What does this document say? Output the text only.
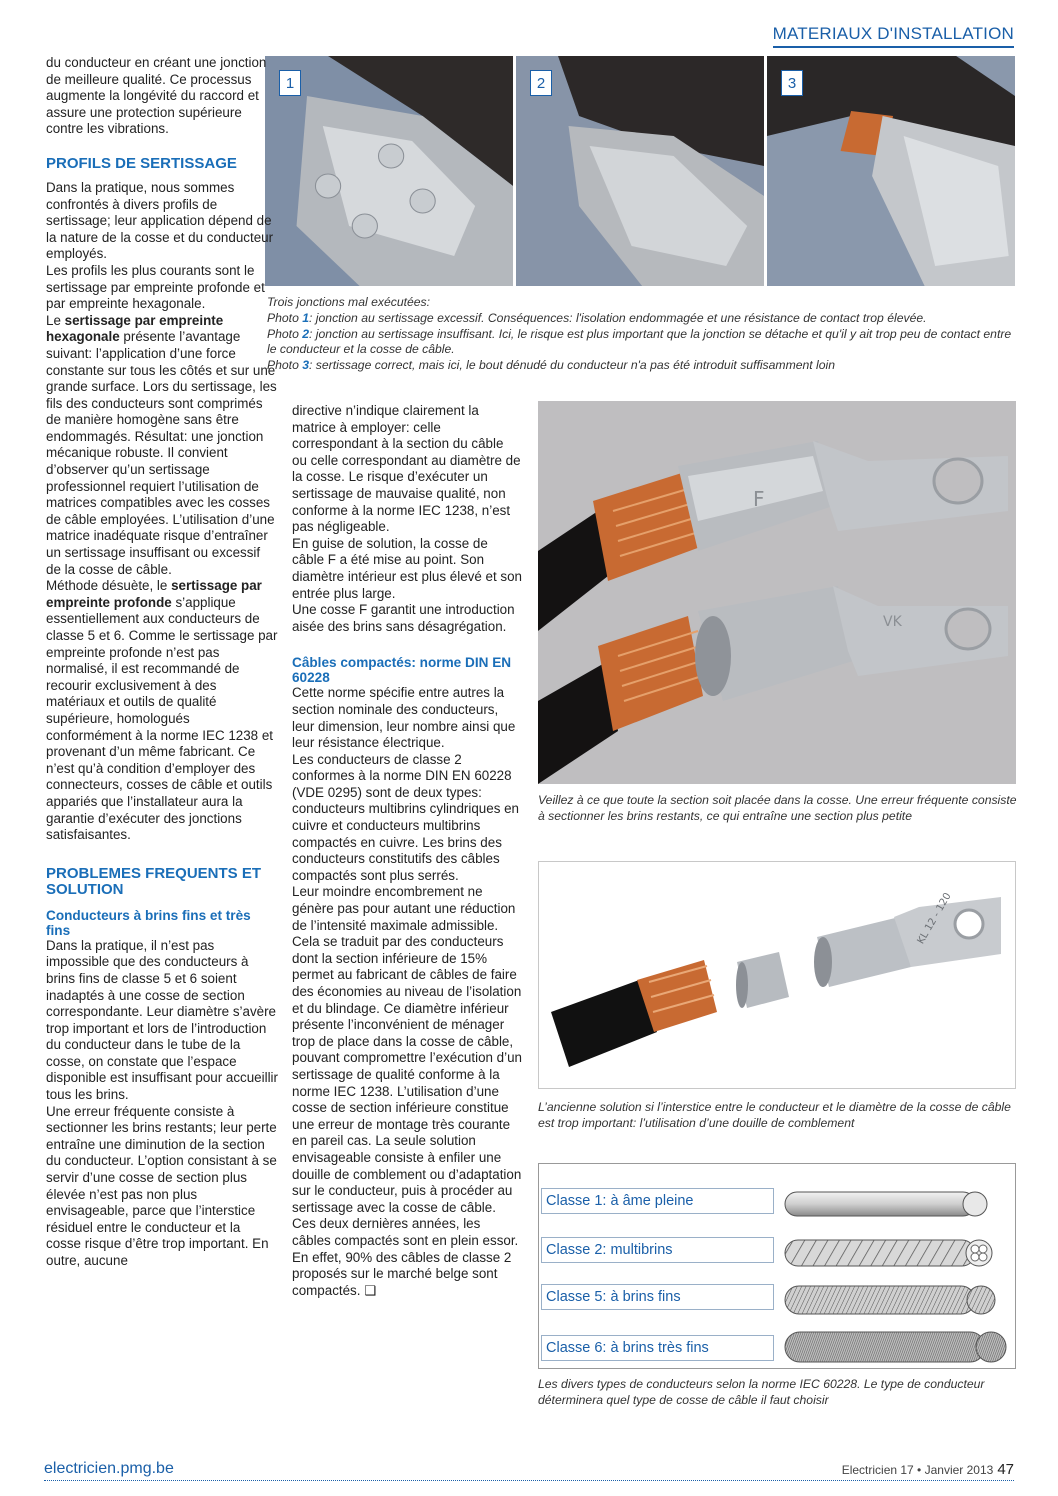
MATERIAUX D'INSTALLATION
1	2	3
Trois jonctions mal exécutées:
Photo 1: jonction au sertissage excessif. Conséquences: l'isolation endommagée et une résistance de contact trop élevée.
Photo 2: jonction au sertissage insuffisant. Ici, le risque est plus important que la jonction se détache et qu'il y ait trop peu de contact entre le conducteur et la cosse de câble.
Photo 3: sertissage correct, mais ici, le bout dénudé du conducteur n'a pas été introduit suffisamment loin

du conducteur en créant une jonction de meilleure qualité. Ce processus augmente la longévité du raccord et assure une protection supérieure contre les vibrations.

PROFILS DE SERTISSAGE

Dans la pratique, nous sommes confrontés à divers profils de sertissage; leur application dépend de la nature de la cosse et du conducteur employés.

Les profils les plus courants sont le sertissage par empreinte profonde et par empreinte hexagonale.

Le sertissage par empreinte hexagonale présente l’avantage suivant: l’application d’une force constante sur tous les côtés et sur une grande surface. Lors du sertissage, les fils des conducteurs sont comprimés de manière homogène sans être endommagés. Résultat: une jonction mécanique robuste. Il convient d’observer qu’un sertissage professionnel requiert l’utilisation de matrices compatibles avec les cosses de câble employées. L’utilisation d’une matrice inadéquate risque d’entraîner un sertissage insuffisant ou excessif de la cosse de câble.

Méthode désuète, le sertissage par empreinte profonde s’applique essentiellement aux conducteurs de classe 5 et 6. Comme le sertissage par empreinte profonde n’est pas normalisé, il est recommandé de recourir exclusivement à des matériaux et outils de qualité supérieure, homologués conformément à la norme IEC 1238 et provenant d’un même fabricant. Ce n’est qu’à condition d’employer des connecteurs, cosses de câble et outils appariés que l’installateur aura la garantie d’exécuter des jonctions satisfaisantes.

PROBLEMES FREQUENTS ET SOLUTION
Conducteurs à brins fins et très fins

Dans la pratique, il n’est pas impossible que des conducteurs à brins fins de classe 5 et 6 soient inadaptés à une cosse de section correspondante. Leur diamètre s’avère trop important et lors de l’introduction du conducteur dans le tube de la cosse, on constate que l’espace disponible est insuffisant pour accueillir tous les brins.

Une erreur fréquente consiste à sectionner les brins restants; leur perte entraîne une diminution de la section du conducteur. L’option consistant à se servir d’une cosse de section plus élevée n’est pas non plus envisageable, parce que l’interstice résiduel entre le conducteur et la cosse risque d’être trop important. En outre, aucune

directive n’indique clairement la matrice à employer: celle correspondant à la section du câble ou celle correspondant au diamètre de la cosse. Le risque d’exécuter un sertissage de mauvaise qualité, non conforme à la norme IEC 1238, n’est pas négligeable.

En guise de solution, la cosse de câble F a été mise au point. Son diamètre intérieur est plus élevé et son entrée plus large.

Une cosse F garantit une introduction aisée des brins sans désagrégation.

Câbles compactés: norme DIN EN 60228

Cette norme spécifie entre autres la section nominale des conducteurs, leur dimension, leur nombre ainsi que leur résistance électrique.

Les conducteurs de classe 2 conformes à la norme DIN EN 60228 (VDE 0295) sont de deux types: conducteurs multibrins cylindriques en cuivre et conducteurs multibrins compactés en cuivre. Les brins des conducteurs constitutifs des câbles compactés sont plus serrés.

Leur moindre encombrement ne génère pas pour autant une réduction de l’intensité maximale admissible. Cela se traduit par des conducteurs dont la section inférieure de 15% permet au fabricant de câbles de faire des économies au niveau de l’isolation et du blindage. Ce diamètre inférieur présente l’inconvénient de ménager trop de place dans la cosse de câble, pouvant compromettre l’exécution d’un sertissage de qualité conforme à la norme IEC 1238. L’utilisation d’une cosse de section inférieure constitue une erreur de montage très courante en pareil cas. La seule solution envisageable consiste à enfiler une douille de comblement ou d’adaptation sur le conducteur, puis à procéder au sertissage avec la cosse de câble.

Ces deux dernières années, les câbles compactés sont en plein essor. En effet, 90% des câbles de classe 2 proposés sur le marché belge sont compactés. ❑

F
VK
Veillez à ce que toute la section soit placée dans la cosse. Une erreur fréquente consiste à sectionner les brins restants, ce qui entraîne une section plus petite
KL 12 - 120
L’ancienne solution si l’interstice entre le conducteur et le diamètre de la cosse de câble est trop important: l’utilisation d’une douille de comblement
Classe 1: à âme pleine
Classe 2: multibrins
Classe 5: à brins fins
Classe 6: à brins très fins
Les divers types de conducteurs selon la norme IEC 60228. Le type de conducteur déterminera quel type de cosse de câble il faut choisir
electricien.pmg.be	Electricien 17 • Janvier 2013 47
